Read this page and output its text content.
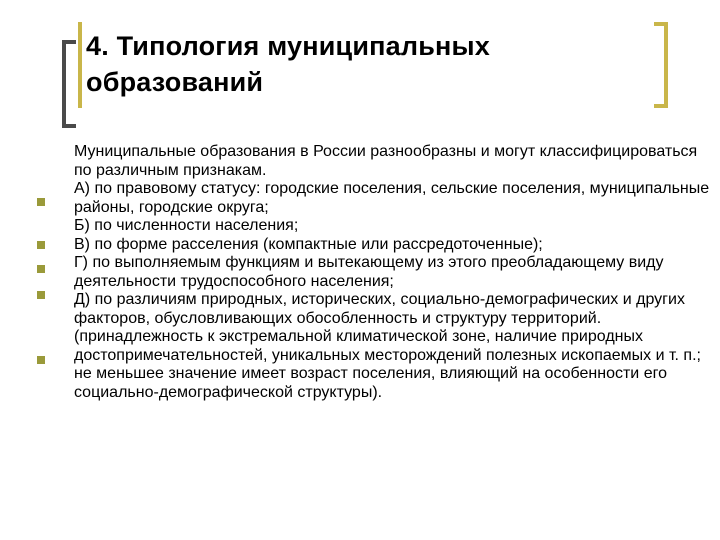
4. Типология муниципальных
образований

Муниципальные образования в России разнообразны и могут классифицироваться по различным признакам.

А) по правовому статусу: городские поселения, сельские поселения, муниципальные районы, городские округа;

Б) по численности населения;

В) по форме расселения (компактные или рассредоточенные);

Г) по выполняемым функциям и вытекающему из этого преобладающему виду деятельности трудоспособного населения;

Д) по различиям природных, исторических, социально-демографических и других факторов, обусловливающих обособленность и структуру территорий. (принадлежность к экстремальной климатической зоне, наличие природных достопримечательностей, уникальных месторождений полезных ископаемых и т. п.; не меньшее значение имеет возраст поселения, влияющий на особенности его социально-демографической структуры).
